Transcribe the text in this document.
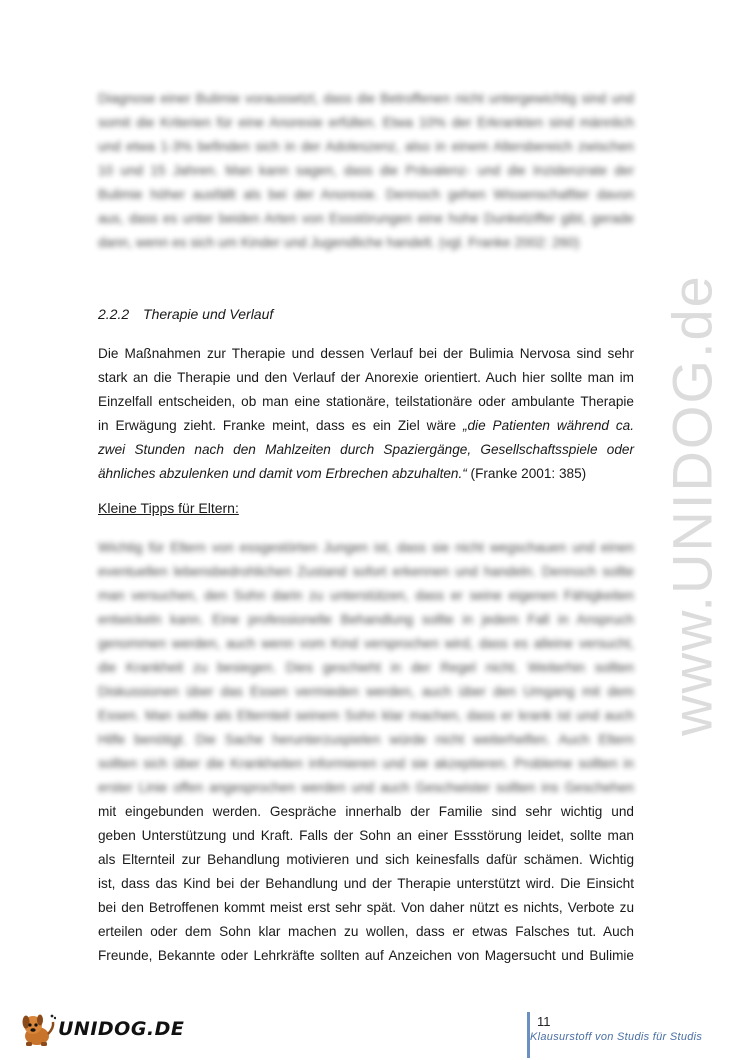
www.UNIDOG.de
Diagnose einer Bulimie voraussetzt, dass die Betroffenen nicht untergewichtig sind und
somit die Kriterien für eine Anorexie erfüllen. Etwa 10% der Erkrankten sind männlich
und etwa 1-3% befinden sich in der Adoleszenz, also in einem Altersbereich zwischen
10 und 15 Jahren. Man kann sagen, dass die Prävalenz- und die Inzidenzrate der
Bulimie höher ausfällt als bei der Anorexie. Dennoch gehen Wissenschaftler davon
aus, dass es unter beiden Arten von Essstörungen eine hohe Dunkelziffer gibt, gerade
dann, wenn es sich um Kinder und Jugendliche handelt. (vgl. Franke 2002: 260)
2.2.2 Therapie und Verlauf
Die Maßnahmen zur Therapie und dessen Verlauf bei der Bulimia Nervosa sind sehr
stark an die Therapie und den Verlauf der Anorexie orientiert. Auch hier sollte man im
Einzelfall entscheiden, ob man eine stationäre, teilstationäre oder ambulante Therapie
in Erwägung zieht. Franke meint, dass es ein Ziel wäre „die Patienten während ca.
zwei Stunden nach den Mahlzeiten durch Spaziergänge, Gesellschaftsspiele oder
ähnliches abzulenken und damit vom Erbrechen abzuhalten.“ (Franke 2001: 385)
Kleine Tipps für Eltern:
Wichtig für Eltern von essgestörten Jungen ist, dass sie nicht wegschauen und einen
eventuellen lebensbedrohlichen Zustand sofort erkennen und handeln. Dennoch sollte
man versuchen, den Sohn darin zu unterstützen, dass er seine eigenen Fähigkeiten
entwickeln kann. Eine professionelle Behandlung sollte in jedem Fall in Anspruch
genommen werden, auch wenn vom Kind versprochen wird, dass es alleine versucht,
die Krankheit zu besiegen. Dies geschieht in der Regel nicht. Weiterhin sollten
Diskussionen über das Essen vermieden werden, auch über den Umgang mit dem
Essen. Man sollte als Elternteil seinem Sohn klar machen, dass er krank ist und auch
Hilfe benötigt. Die Sache herunterzuspielen würde nicht weiterhelfen. Auch Eltern
sollten sich über die Krankheiten informieren und sie akzeptieren. Probleme sollten in
erster Linie offen angesprochen werden und auch Geschwister sollten ins Geschehen
mit eingebunden werden. Gespräche innerhalb der Familie sind sehr wichtig und
geben Unterstützung und Kraft. Falls der Sohn an einer Essstörung leidet, sollte man
als Elternteil zur Behandlung motivieren und sich keinesfalls dafür schämen. Wichtig
ist, dass das Kind bei der Behandlung und der Therapie unterstützt wird. Die Einsicht
bei den Betroffenen kommt meist erst sehr spät. Von daher nützt es nichts, Verbote zu
erteilen oder dem Sohn klar machen zu wollen, dass er etwas Falsches tut. Auch
Freunde, Bekannte oder Lehrkräfte sollten auf Anzeichen von Magersucht und Bulimie
UNIDOG.DE	11
Klausurstoff von Studis für Studis
